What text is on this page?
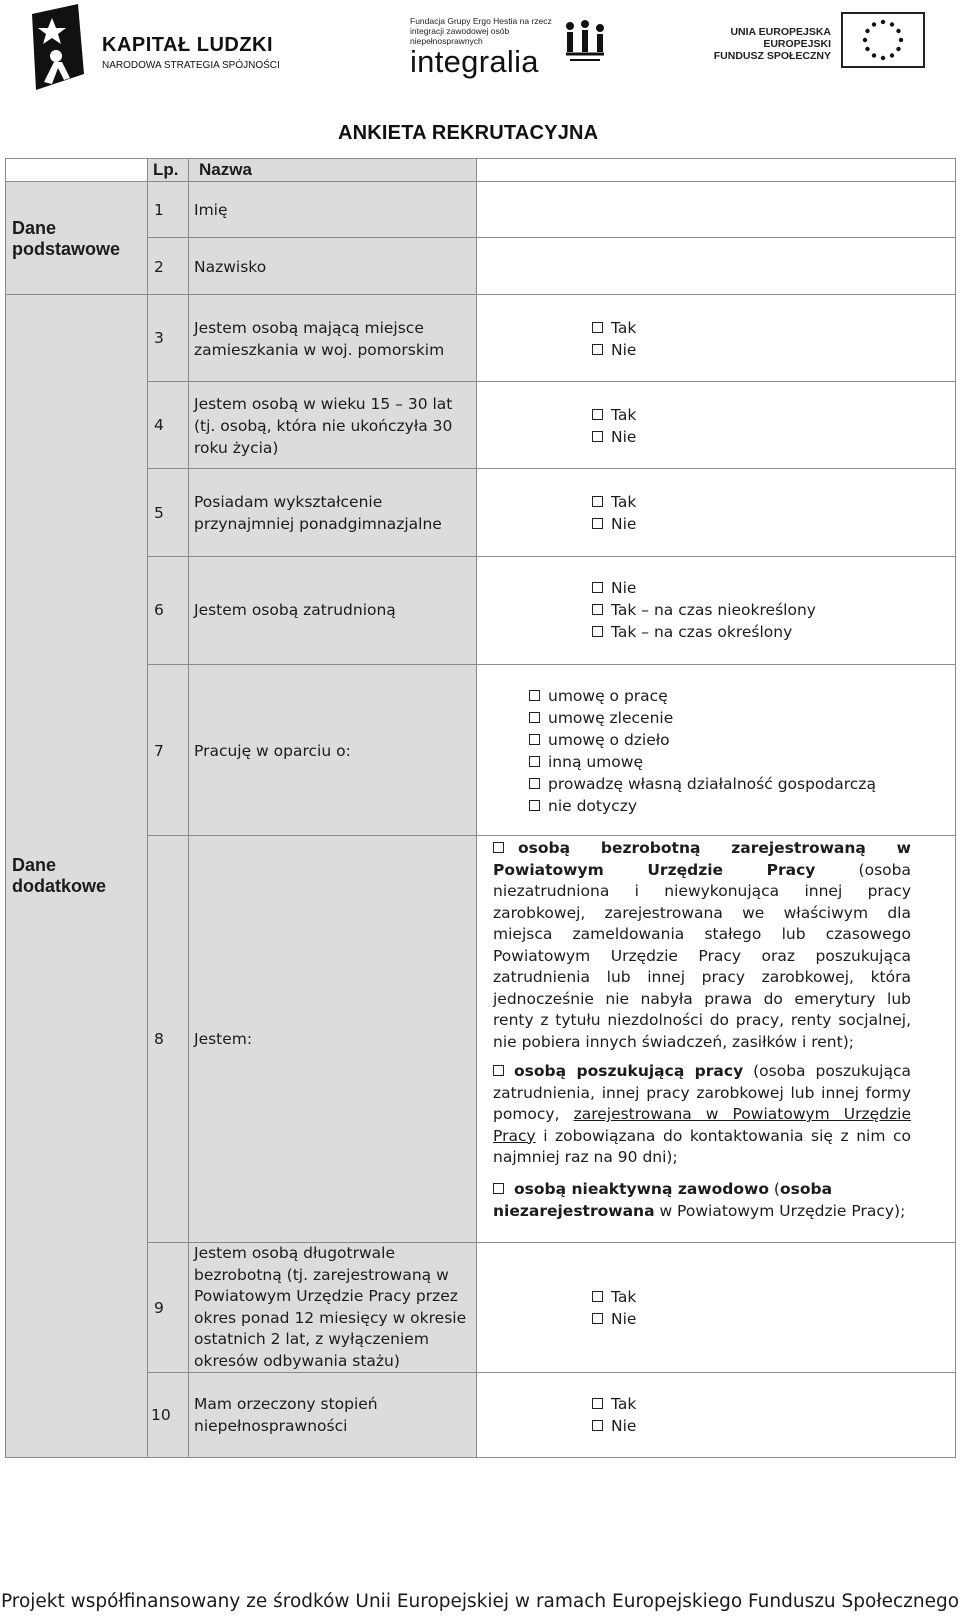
KAPITAŁ LUDZKI
NARODOWA STRATEGIA SPÓJNOŚCI
Fundacja Grupy Ergo Hestia na rzecz integracji zawodowej osób niepełnosprawnych
integralia
UNIA EUROPEJSKA
EUROPEJSKI
FUNDUSZ SPOŁECZNY
ANKIETA REKRUTACYJNA
Lp. Nazwa
Dane podstawowe
1 Imię
2 Nazwisko
Dane dodatkowe
3
Jestem osobą mającą miejsce zamieszkania w woj. pomorskim
Tak
Nie
4
Jestem osobą w wieku 15 – 30 lat (tj. osobą, która nie ukończyła 30 roku życia)
Tak
Nie
5
Posiadam wykształcenie przynajmniej ponadgimnazjalne
Tak
Nie
6 Jestem osobą zatrudnioną
Nie
Tak – na czas nieokreślony
Tak – na czas określony
7 Pracuję w oparciu o:
umowę o pracę
umowę zlecenie
umowę o dzieło
inną umowę
prowadzę własną działalność gospodarczą
nie dotyczy
8 Jestem:
osobą bezrobotną zarejestrowaną w Powiatowym Urzędzie Pracy (osoba niezatrudniona i niewykonująca innej pracy zarobkowej, zarejestrowana we właściwym dla miejsca zameldowania stałego lub czasowego Powiatowym Urzędzie Pracy oraz poszukująca zatrudnienia lub innej pracy zarobkowej, która jednocześnie nie nabyła prawa do emerytury lub renty z tytułu niezdolności do pracy, renty socjalnej, nie pobiera innych świadczeń, zasiłków i rent);
osobą poszukującą pracy (osoba poszukująca zatrudnienia, innej pracy zarobkowej lub innej formy pomocy, zarejestrowana w Powiatowym Urzędzie Pracy i zobowiązana do kontaktowania się z nim co najmniej raz na 90 dni);
osobą nieaktywną zawodowo (osoba niezarejestrowana w Powiatowym Urzędzie Pracy);
9
Jestem osobą długotrwale bezrobotną (tj. zarejestrowaną w Powiatowym Urzędzie Pracy przez okres ponad 12 miesięcy w okresie ostatnich 2 lat, z wyłączeniem okresów odbywania stażu)
Tak
Nie
10
Mam orzeczony stopień niepełnosprawności
Tak
Nie
Projekt współfinansowany ze środków Unii Europejskiej w ramach Europejskiego Funduszu Społecznego
